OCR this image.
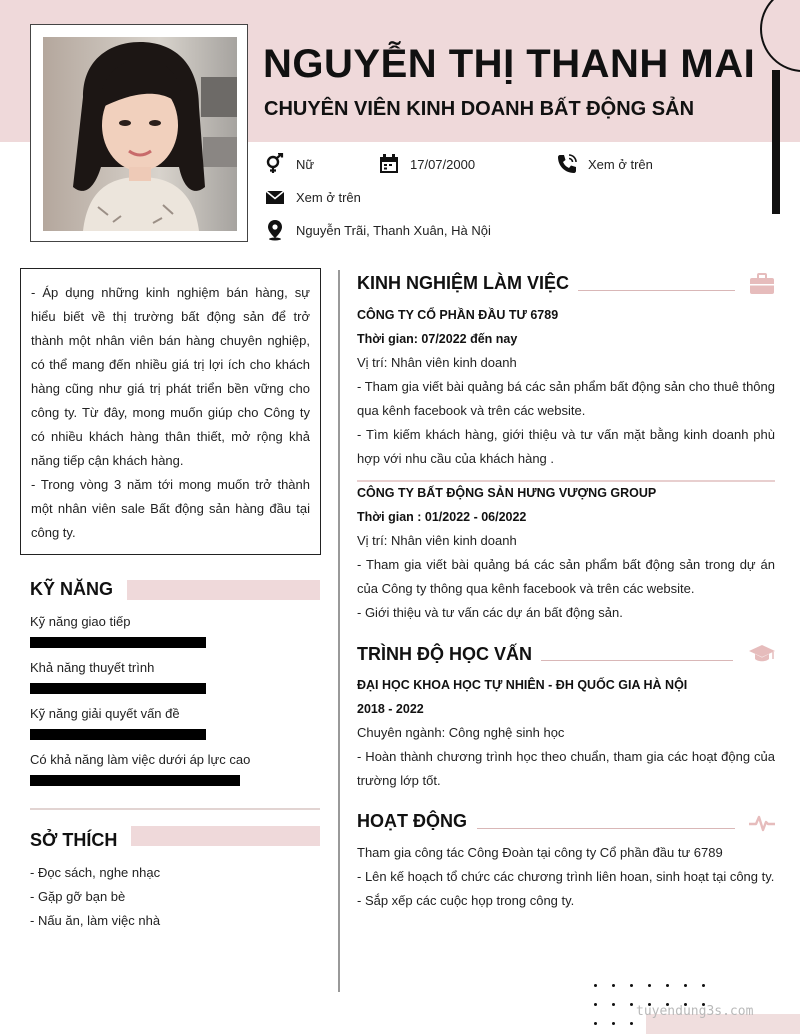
NGUYỄN THỊ THANH MAI
CHUYÊN VIÊN KINH DOANH BẤT ĐỘNG SẢN
Nữ	17/07/2000	Xem ở trên
Xem ở trên
Nguyễn Trãi, Thanh Xuân, Hà Nội

- Áp dụng những kinh nghiệm bán hàng, sự hiểu biết về thị trường bất động sản để trở thành một nhân viên bán hàng chuyên nghiệp, có thể mang đến nhiều giá trị lợi ích cho khách hàng cũng như giá trị phát triển bền vững cho công ty. Từ đây, mong muốn giúp cho Công ty có nhiều khách hàng thân thiết, mở rộng khả năng tiếp cận khách hàng.

- Trong vòng 3 năm tới mong muốn trở thành một nhân viên sale Bất động sản hàng đầu tại công ty.

KỸ NĂNG
Kỹ năng giao tiếp
Khả năng thuyết trình
Kỹ năng giải quyết vấn đề
Có khả năng làm việc dưới áp lực cao
SỞ THÍCH
- Đọc sách, nghe nhạc
- Gặp gỡ bạn bè
- Nấu ăn, làm việc nhà
KINH NGHIỆM LÀM VIỆC
CÔNG TY CỔ PHẦN ĐẦU TƯ 6789
Thời gian: 07/2022 đến nay
Vị trí: Nhân viên kinh doanh
- Tham gia viết bài quảng bá các sản phẩm bất động sản cho thuê thông qua kênh facebook và trên các website.
- Tìm kiếm khách hàng, giới thiệu và tư vấn mặt bằng kinh doanh phù hợp với nhu cầu của khách hàng .
CÔNG TY BẤT ĐỘNG SẢN HƯNG VƯỢNG GROUP
Thời gian : 01/2022 - 06/2022
Vị trí: Nhân viên kinh doanh
- Tham gia viết bài quảng bá các sản phẩm bất động sản trong dự án của Công ty thông qua kênh facebook và trên các website.
- Giới thiệu và tư vấn các dự án bất động sản.
TRÌNH ĐỘ HỌC VẤN
ĐẠI HỌC KHOA HỌC TỰ NHIÊN - ĐH QUỐC GIA HÀ NỘI
2018 - 2022
Chuyên ngành: Công nghệ sinh học
- Hoàn thành chương trình học theo chuẩn, tham gia các hoạt động của trường lớp tốt.
HOẠT ĐỘNG
Tham gia công tác Công Đoàn tại công ty Cổ phần đầu tư 6789
- Lên kế hoạch tổ chức các chương trình liên hoan, sinh hoạt tại công ty.
- Sắp xếp các cuộc họp trong công ty.
tuyendung3s.com
